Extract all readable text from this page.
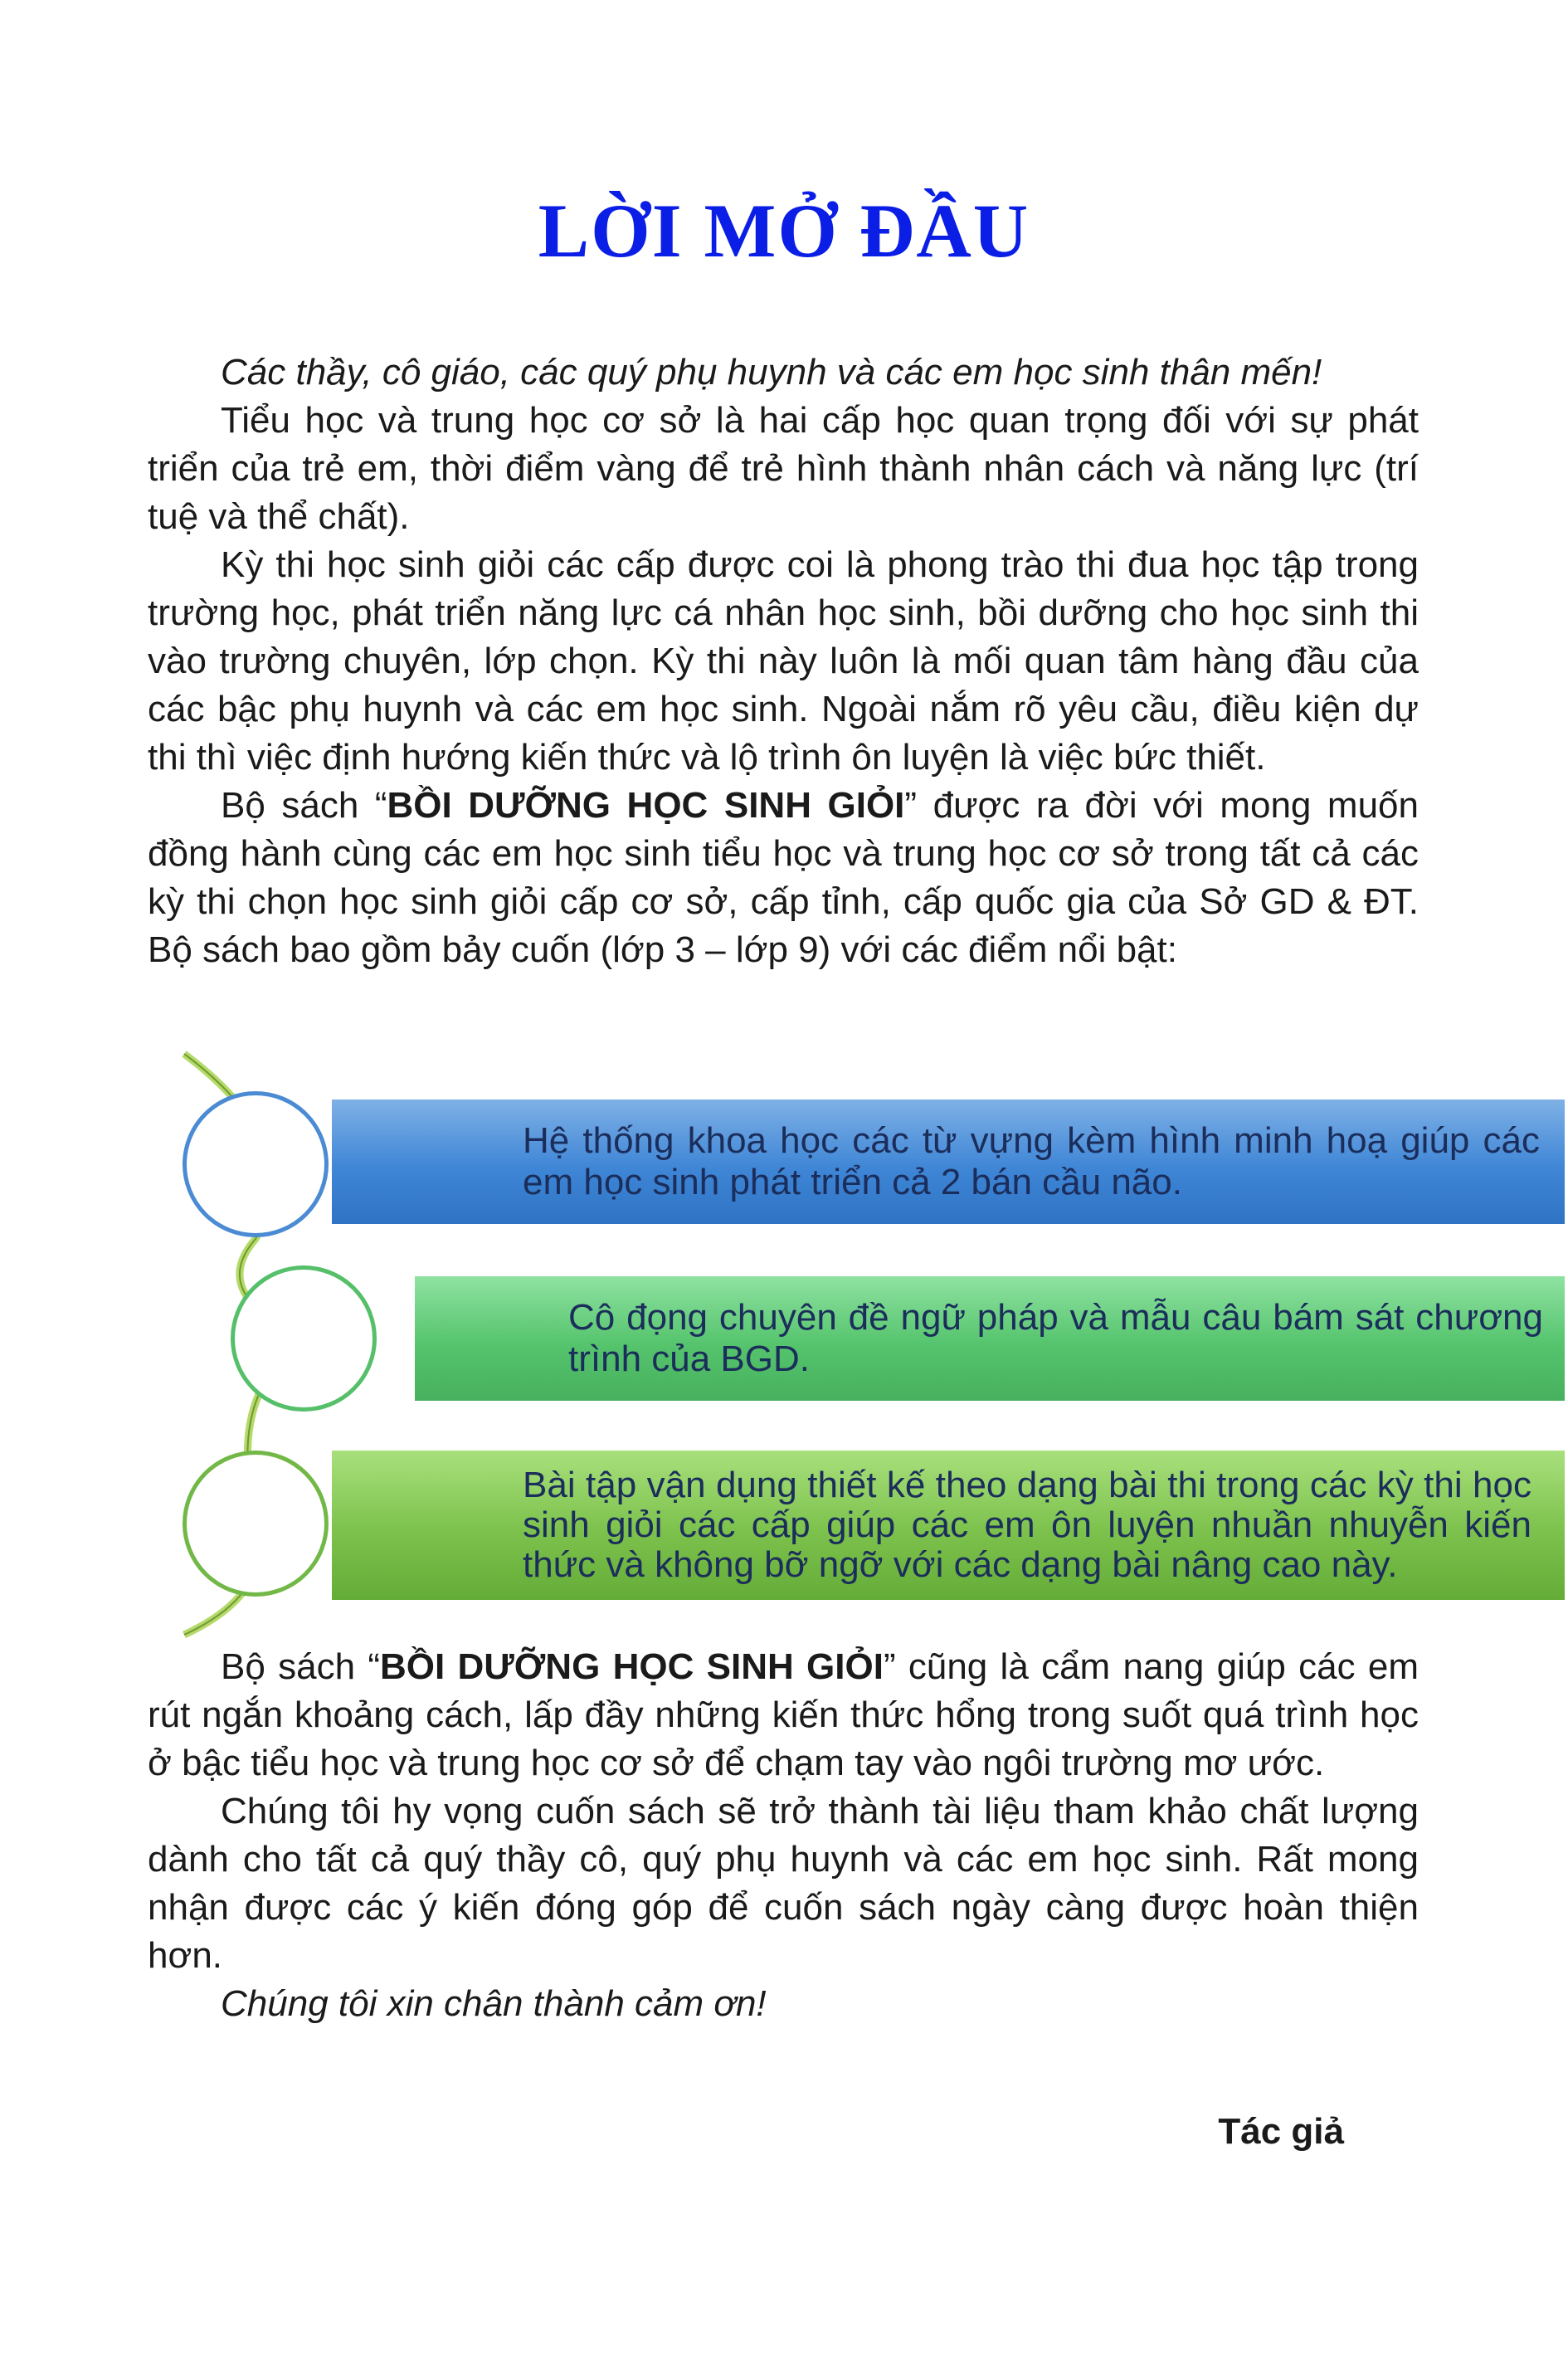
LỜI MỞ ĐẦU

Các thầy, cô giáo, các quý phụ huynh và các em học sinh thân mến!

Tiểu học và trung học cơ sở là hai cấp học quan trọng đối với sự phát triển của trẻ em, thời điểm vàng để trẻ hình thành nhân cách và năng lực (trí tuệ và thể chất).

Kỳ thi học sinh giỏi các cấp được coi là phong trào thi đua học tập trong trường học, phát triển năng lực cá nhân học sinh, bồi dưỡng cho học sinh thi vào trường chuyên, lớp chọn. Kỳ thi này luôn là mối quan tâm hàng đầu của các bậc phụ huynh và các em học sinh. Ngoài nắm rõ yêu cầu, điều kiện dự thi thì việc định hướng kiến thức và lộ trình ôn luyện là việc bức thiết.

Bộ sách “BỒI DƯỠNG HỌC SINH GIỎI” được ra đời với mong muốn đồng hành cùng các em học sinh tiểu học và trung học cơ sở trong tất cả các kỳ thi chọn học sinh giỏi cấp cơ sở, cấp tỉnh, cấp quốc gia của Sở GD & ĐT. Bộ sách bao gồm bảy cuốn (lớp 3 – lớp 9) với các điểm nổi bật:

Hệ thống khoa học các từ vựng kèm hình minh hoạ giúp các em học sinh phát triển cả 2 bán cầu não.
Cô đọng chuyên đề ngữ pháp và mẫu câu bám sát chương trình của BGD.
Bài tập vận dụng thiết kế theo dạng bài thi trong các kỳ thi học sinh giỏi các cấp giúp các em ôn luyện nhuần nhuyễn kiến thức và không bỡ ngỡ với các dạng bài nâng cao này.

Bộ sách “BỒI DƯỠNG HỌC SINH GIỎI” cũng là cẩm nang giúp các em rút ngắn khoảng cách, lấp đầy những kiến thức hổng trong suốt quá trình học ở bậc tiểu học và trung học cơ sở để chạm tay vào ngôi trường mơ ước.

Chúng tôi hy vọng cuốn sách sẽ trở thành tài liệu tham khảo chất lượng dành cho tất cả quý thầy cô, quý phụ huynh và các em học sinh. Rất mong nhận được các ý kiến đóng góp để cuốn sách ngày càng được hoàn thiện hơn.

Chúng tôi xin chân thành cảm ơn!

Tác giả
